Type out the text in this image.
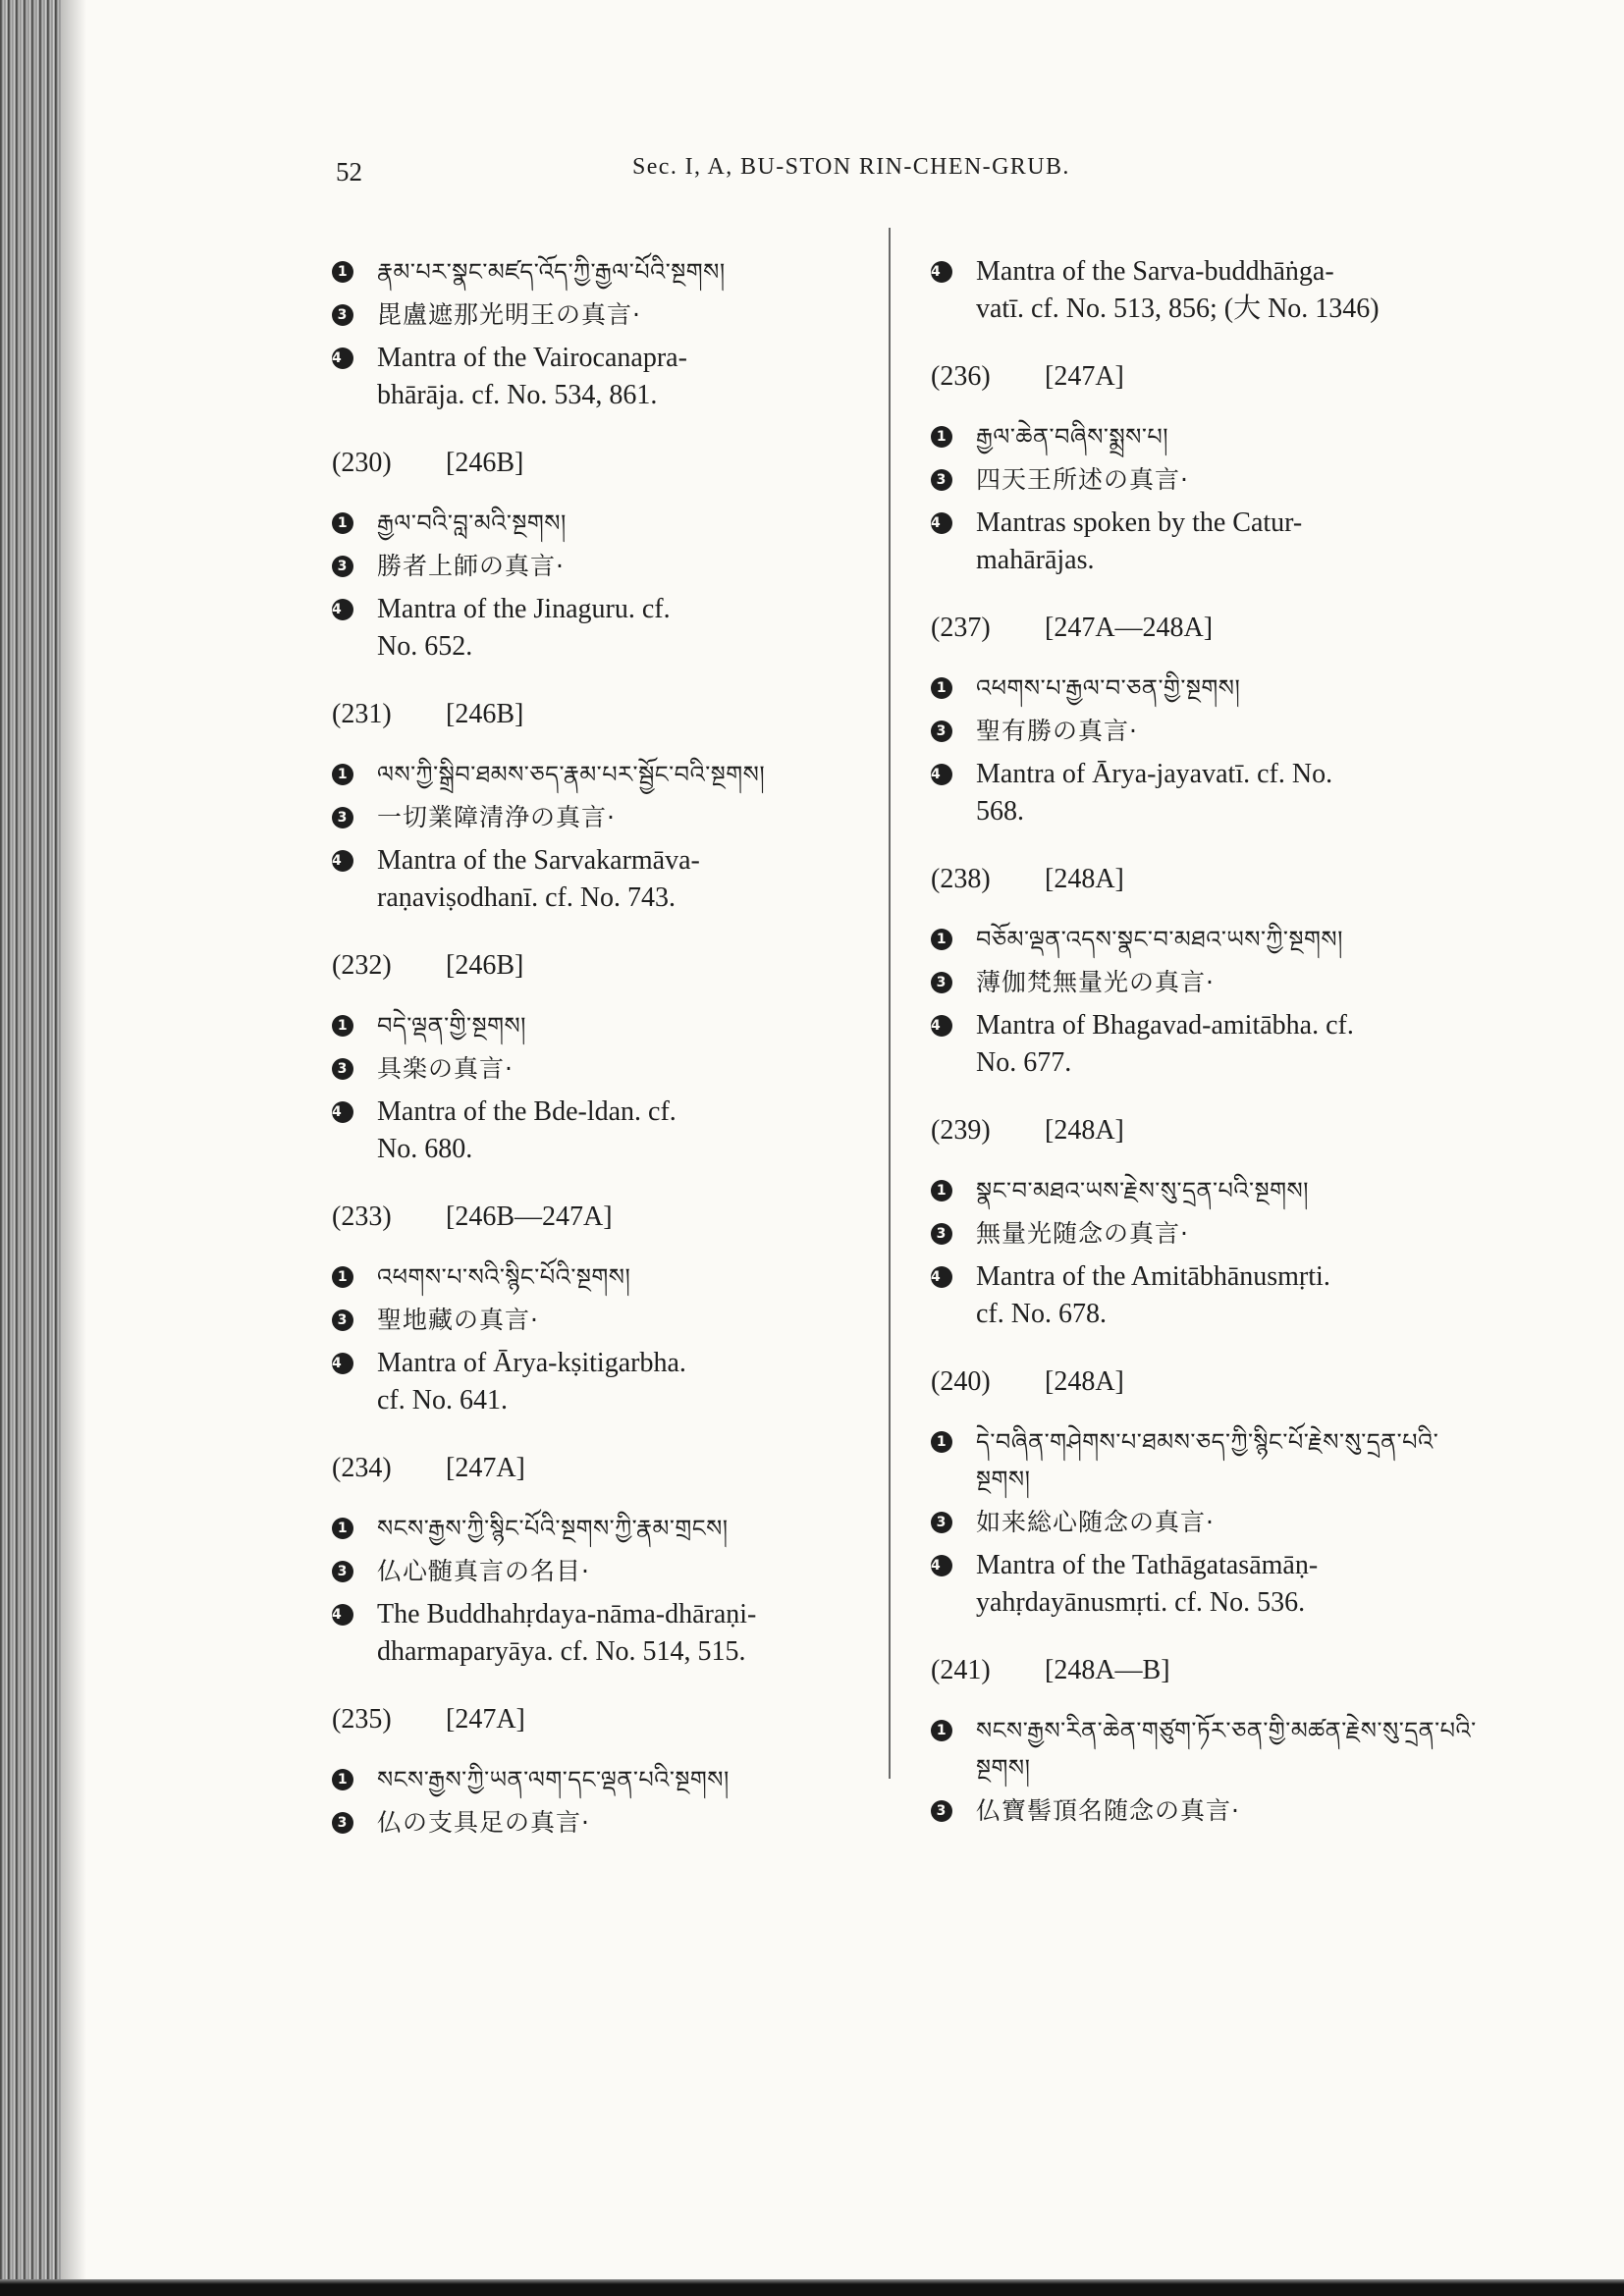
52	Sec. I, A, BU-STON RIN-CHEN-GRUB.
1 རྣམ་པར་སྣང་མཛད་འོད་ཀྱི་རྒྱལ་པོའི་སྔགས།
3 毘盧遮那光明王の真言·
4	Mantra of the Vairocanapra-
bhārāja. cf. No. 534, 861.
(230) [246B]
1 རྒྱལ་བའི་བླ་མའི་སྔགས།
3 勝者上師の真言·
4	Mantra of the Jinaguru. cf.
No. 652.
(231) [246B]
1 ལས་ཀྱི་སྒྲིབ་ཐམས་ཅད་རྣམ་པར་སྦྱོང་བའི་སྔགས།
3 一切業障清浄の真言·
4	Mantra of the Sarvakarmāva-
raṇaviṣodhanī. cf. No. 743.
(232) [246B]
1 བདེ་ལྡན་གྱི་སྔགས།
3 具楽の真言·
4	Mantra of the Bde-ldan. cf.
No. 680.
(233) [246B—247A]
1 འཕགས་པ་སའི་སྙིང་པོའི་སྔགས།
3 聖地藏の真言·
4	Mantra of Ārya-kṣitigarbha.
cf. No. 641.
(234) [247A]
1 སངས་རྒྱས་ཀྱི་སྙིང་པོའི་སྔགས་ཀྱི་རྣམ་གྲངས།
3 仏心髄真言の名目·
4	The Buddhahṛdaya-nāma-dhāraṇi-
dharmaparyāya. cf. No. 514, 515.
(235) [247A]
1 སངས་རྒྱས་ཀྱི་ཡན་ལག་དང་ལྡན་པའི་སྔགས།
3 仏の支具足の真言·
4	Mantra of the Sarva-buddhāṅga-
vatī. cf. No. 513, 856; (大 No. 1346)
(236) [247A]
1 རྒྱལ་ཆེན་བཞིས་སྨྲས་པ།
3 四天王所述の真言·
4	Mantras spoken by the Catur-
mahārājas.
(237) [247A—248A]
1 འཕགས་པ་རྒྱལ་བ་ཅན་གྱི་སྔགས།
3 聖有勝の真言·
4	Mantra of Ārya-jayavatī. cf. No.
568.
(238) [248A]
1 བཅོམ་ལྡན་འདས་སྣང་བ་མཐའ་ཡས་ཀྱི་སྔགས།
3 薄伽梵無量光の真言·
4	Mantra of Bhagavad-amitābha. cf.
No. 677.
(239) [248A]
1 སྣང་བ་མཐའ་ཡས་རྗེས་སུ་དྲན་པའི་སྔགས།
3 無量光随念の真言·
4	Mantra of the Amitābhānusmṛti.
cf. No. 678.
(240) [248A]
1 དེ་བཞིན་གཤེགས་པ་ཐམས་ཅད་ཀྱི་སྙིང་པོ་རྗེས་སུ་དྲན་པའི་སྔགས།
3 如来総心随念の真言·
4	Mantra of the Tathāgatasāmāṇ-
yahṛdayānusmṛti. cf. No. 536.
(241) [248A—B]
1 སངས་རྒྱས་རིན་ཆེན་གཙུག་ཏོར་ཅན་གྱི་མཚན་རྗེས་སུ་དྲན་པའི་སྔགས།
3 仏寶髻頂名随念の真言·
